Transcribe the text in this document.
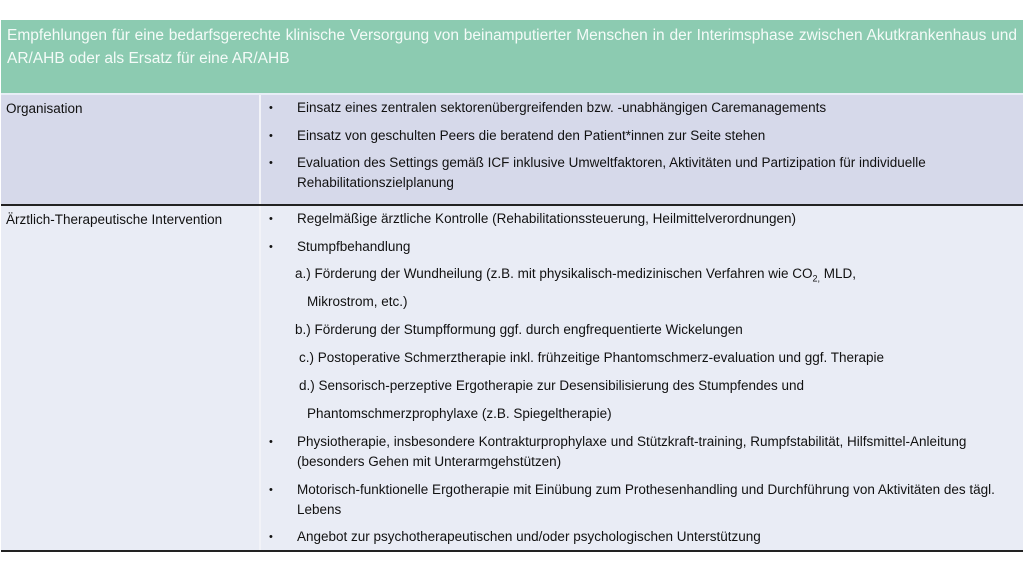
Empfehlungen für eine bedarfsgerechte klinische Versorgung von beinamputierter Menschen in der Interimsphase zwischen Akutkrankenhaus und AR/AHB oder als Ersatz für eine AR/AHB
Organisation	•	Einsatz eines zentralen sektorenübergreifenden bzw. -unabhängigen Caremanagements
•	Einsatz von geschulten Peers die beratend den Patient*innen zur Seite stehen
•	Evaluation des Settings gemäß ICF inklusive Umweltfaktoren, Aktivitäten und Partizipation für individuelle Rehabilitationszielplanung
Ärztlich-Therapeutische Intervention	•	Regelmäßige ärztliche Kontrolle (Rehabilitationssteuerung, Heilmittelverordnungen)
•	Stumpfbehandlung
a.) Förderung der Wundheilung (z.B. mit physikalisch-medizinischen Verfahren wie $CO_{2,}$ MLD,
Mikrostrom, etc.)
b.) Förderung der Stumpfformung ggf. durch engfrequentierte Wickelungen
c.) Postoperative Schmerztherapie inkl. frühzeitige Phantomschmerz-evaluation und ggf. Therapie
d.) Sensorisch-perzeptive Ergotherapie zur Desensibilisierung des Stumpfendes und
Phantomschmerzprophylaxe (z.B. Spiegeltherapie)
•	Physiotherapie, insbesondere Kontrakturprophylaxe und Stützkraft-training, Rumpfstabilität, Hilfsmittel-Anleitung (besonders Gehen mit Unterarmgehstützen)
•	Motorisch-funktionelle Ergotherapie mit Einübung zum Prothesenhandling und Durchführung von Aktivitäten des tägl. Lebens
•	Angebot zur psychotherapeutischen und/oder psychologischen Unterstützung
